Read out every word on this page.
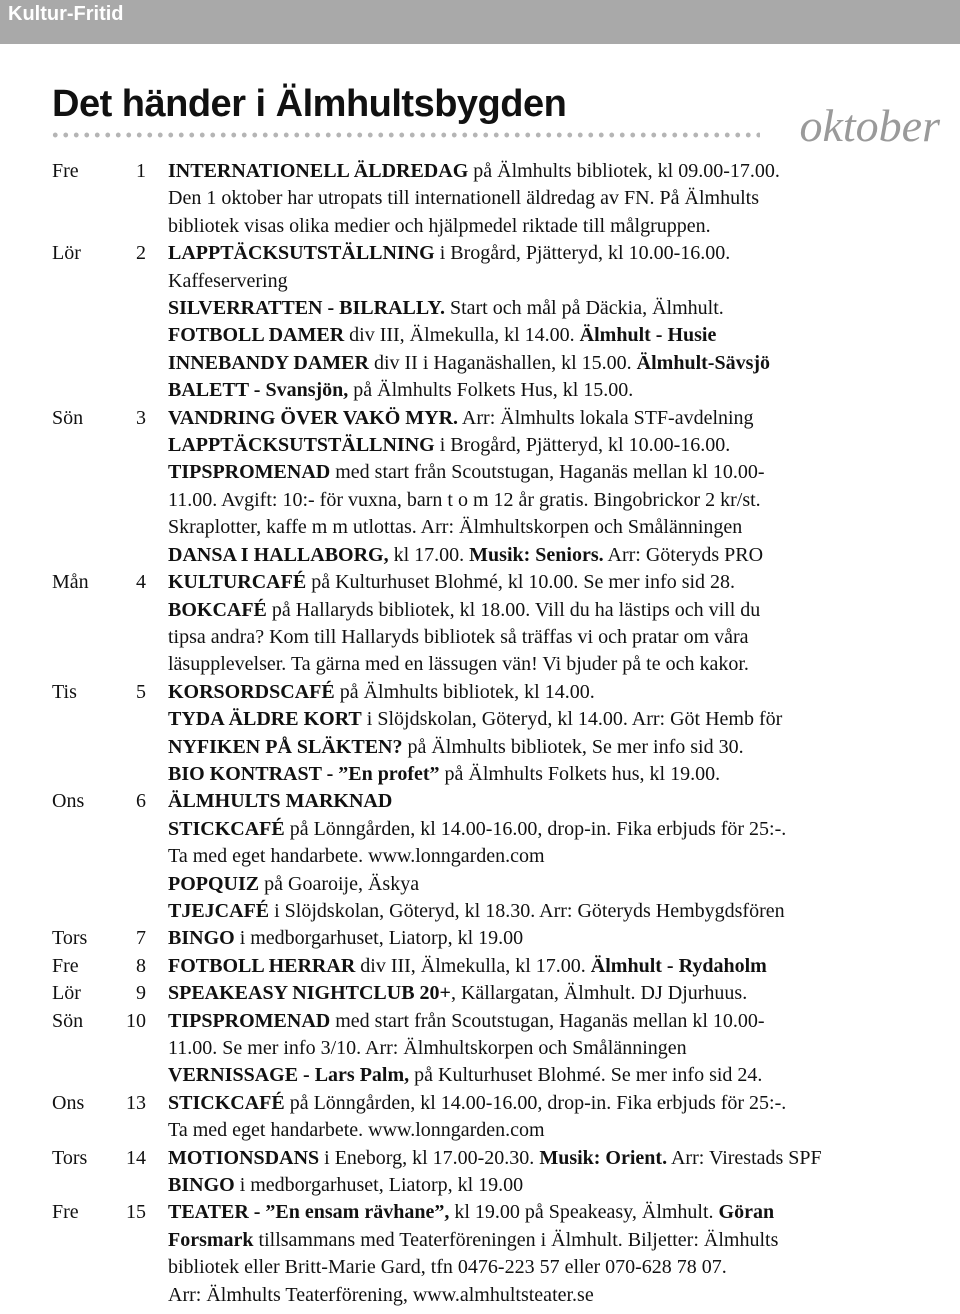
Kultur-Fritid
Det händer i Älmhultsbygden	oktober
Fre	1 INTERNATIONELL ÄLDREDAG på Älmhults bibliotek, kl 09.00-17.00.
Den 1 oktober har utropats till internationell äldredag av FN. På Älmhults
bibliotek visas olika medier och hjälpmedel riktade till målgruppen.
Lör	2 LAPPTÄCKSUTSTÄLLNING i Brogård, Pjätteryd, kl 10.00-16.00.
Kaffeservering
SILVERRATTEN - BILRALLY. Start och mål på Däckia, Älmhult.
FOTBOLL DAMER div III, Älmekulla, kl 14.00. Älmhult - Husie
INNEBANDY DAMER div II i Haganäshallen, kl 15.00. Älmhult-Sävsjö
BALETT - Svansjön, på Älmhults Folkets Hus, kl 15.00.
Sön	3 VANDRING ÖVER VAKÖ MYR. Arr: Älmhults lokala STF-avdelning
LAPPTÄCKSUTSTÄLLNING i Brogård, Pjätteryd, kl 10.00-16.00.
TIPSPROMENAD med start från Scoutstugan, Haganäs mellan kl 10.00-
11.00. Avgift: 10:- för vuxna, barn t o m 12 år gratis. Bingobrickor 2 kr/st.
Skraplotter, kaffe m m utlottas. Arr: Älmhultskorpen och Smålänningen
DANSA I HALLABORG, kl 17.00. Musik: Seniors. Arr: Göteryds PRO
Mån	4 KULTURCAFÉ på Kulturhuset Blohmé, kl 10.00. Se mer info sid 28.
BOKCAFÉ på Hallaryds bibliotek, kl 18.00. Vill du ha lästips och vill du
tipsa andra? Kom till Hallaryds bibliotek så träffas vi och pratar om våra
läsupplevelser. Ta gärna med en lässugen vän! Vi bjuder på te och kakor.
Tis	5 KORSORDSCAFÉ på Älmhults bibliotek, kl 14.00.
TYDA ÄLDRE KORT i Slöjdskolan, Göteryd, kl 14.00. Arr: Göt Hemb för
NYFIKEN PÅ SLÄKTEN? på Älmhults bibliotek, Se mer info sid 30.
BIO KONTRAST - ”En profet” på Älmhults Folkets hus, kl 19.00.
Ons	6 ÄLMHULTS MARKNAD
STICKCAFÉ på Lönngården, kl 14.00-16.00, drop-in. Fika erbjuds för 25:-.
Ta med eget handarbete. www.lonngarden.com
POPQUIZ på Goaroije, Äskya
TJEJCAFÉ i Slöjdskolan, Göteryd, kl 18.30. Arr: Göteryds Hembygdsfören
Tors	7 BINGO i medborgarhuset, Liatorp, kl 19.00
Fre	8 FOTBOLL HERRAR div III, Älmekulla, kl 17.00. Älmhult - Rydaholm
Lör	9 SPEAKEASY NIGHTCLUB 20+, Källargatan, Älmhult. DJ Djurhuus.
Sön	10 TIPSPROMENAD med start från Scoutstugan, Haganäs mellan kl 10.00-
11.00. Se mer info 3/10. Arr: Älmhultskorpen och Smålänningen
VERNISSAGE - Lars Palm, på Kulturhuset Blohmé. Se mer info sid 24.
Ons	13 STICKCAFÉ på Lönngården, kl 14.00-16.00, drop-in. Fika erbjuds för 25:-.
Ta med eget handarbete. www.lonngarden.com
Tors	14 MOTIONSDANS i Eneborg, kl 17.00-20.30. Musik: Orient. Arr: Virestads SPF
BINGO i medborgarhuset, Liatorp, kl 19.00
Fre	15 TEATER - ”En ensam rävhane”, kl 19.00 på Speakeasy, Älmhult. Göran
Forsmark tillsammans med Teaterföreningen i Älmhult. Biljetter: Älmhults
bibliotek eller Britt-Marie Gard, tfn 0476-223 57 eller 070-628 78 07.
Arr: Älmhults Teaterförening, www.almhultsteater.se
